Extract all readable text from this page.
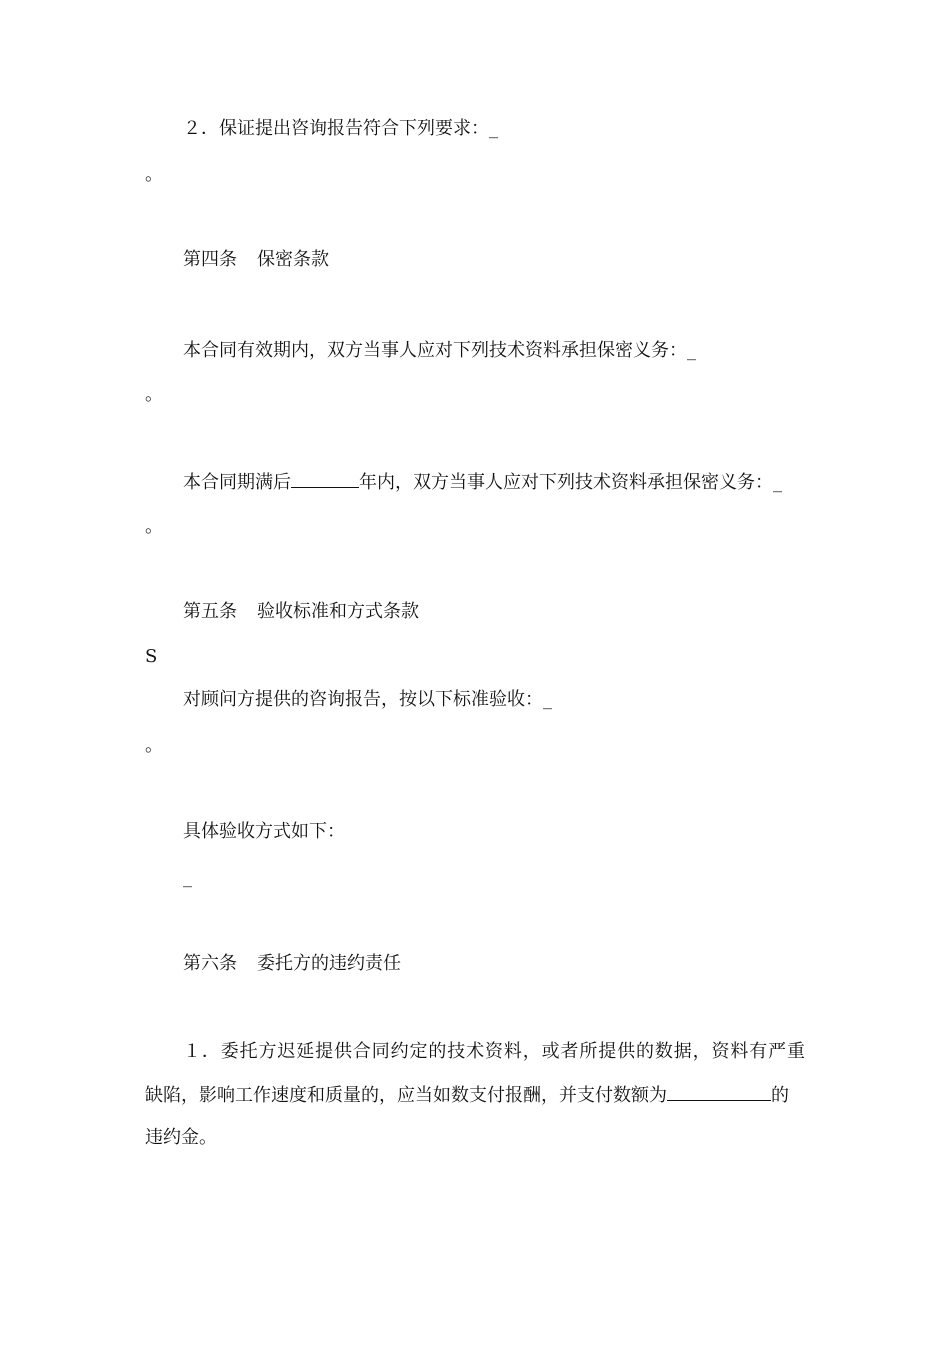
２．保证提出咨询报告符合下列要求：_
。
第四条 保密条款
本合同有效期内，双方当事人应对下列技术资料承担保密义务：_
。
本合同期满后	年内，双方当事人应对下列技术资料承担保密义务：_
。
第五条 验收标准和方式条款
S
对顾问方提供的咨询报告，按以下标准验收：_
。
具体验收方式如下：
_
第六条 委托方的违约责任
１．委托方迟延提供合同约定的技术资料，或者所提供的数据，资料有严重
缺陷，影响工作速度和质量的，应当如数支付报酬，并支付数额为	的
违约金。
